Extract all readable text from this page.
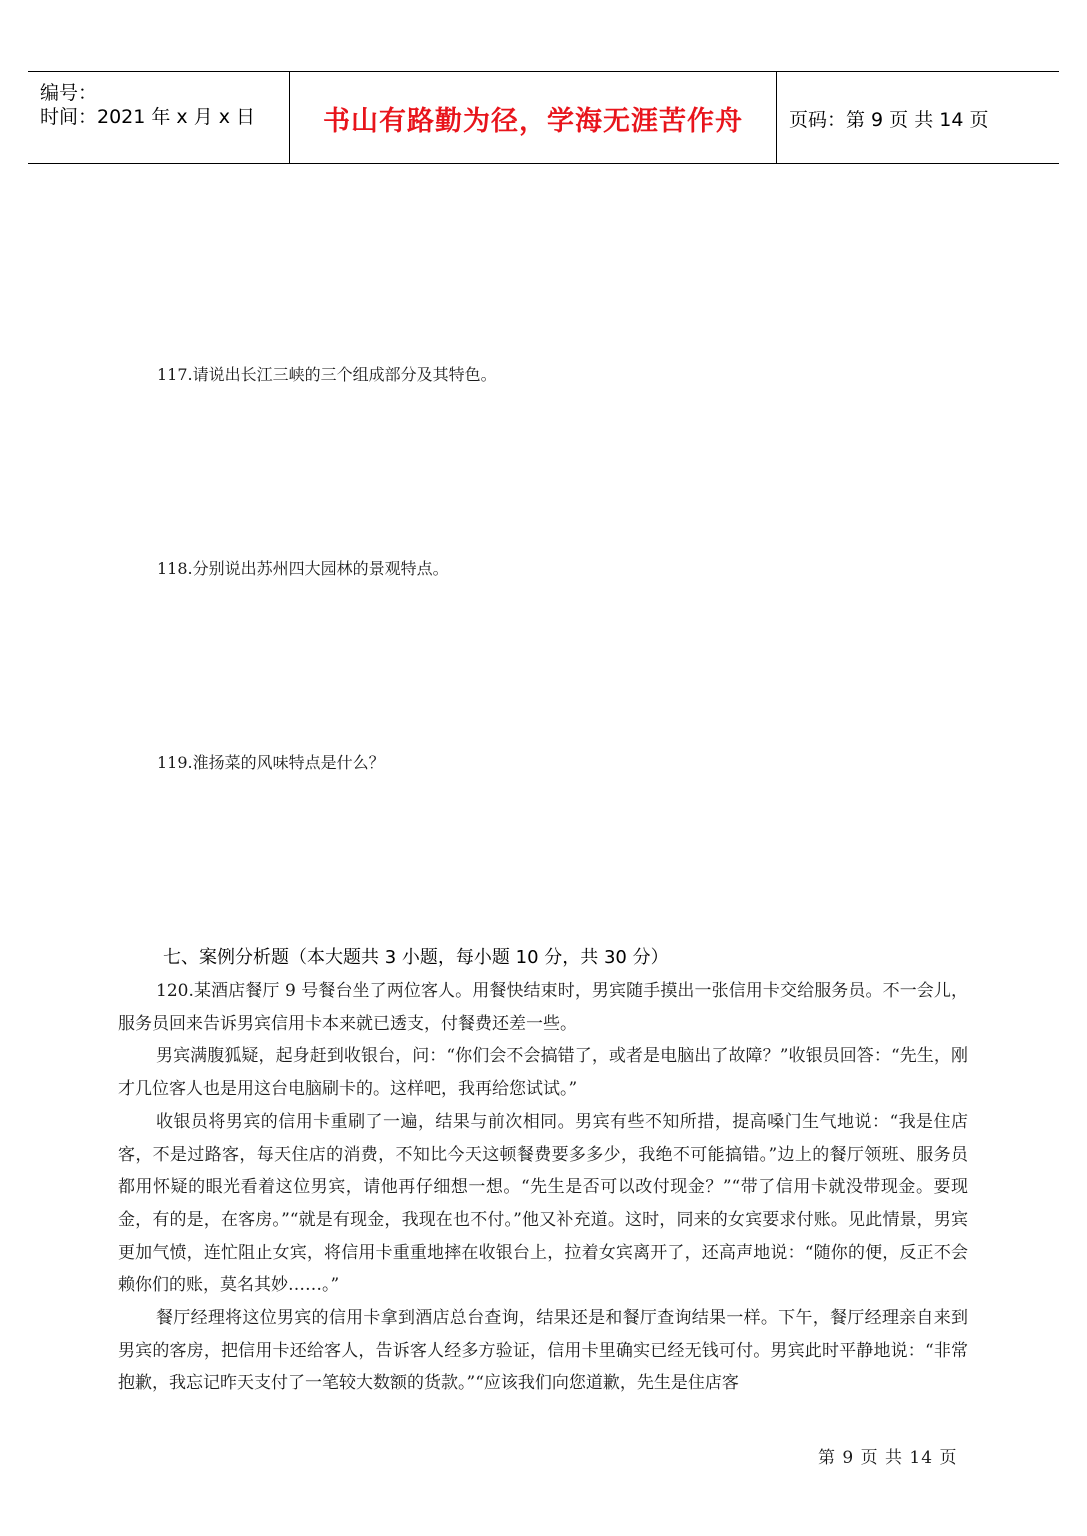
编号：
时间：2021 年 x 月 x 日	书山有路勤为径，学海无涯苦作舟 页码：第 9 页 共 14 页
117.请说出长江三峡的三个组成部分及其特色。
118.分别说出苏州四大园林的景观特点。
119.淮扬菜的风味特点是什么？
七、案例分析题（本大题共 3 小题，每小题 10 分，共 30 分）

120.某酒店餐厅 9 号餐台坐了两位客人。用餐快结束时，男宾随手摸出一张信用卡交给服务员。不一会儿，服务员回来告诉男宾信用卡本来就已透支，付餐费还差一些。

男宾满腹狐疑，起身赶到收银台，问：“你们会不会搞错了，或者是电脑出了故障？”收银员回答：“先生，刚才几位客人也是用这台电脑刷卡的。这样吧，我再给您试试。”

收银员将男宾的信用卡重刷了一遍，结果与前次相同。男宾有些不知所措，提高嗓门生气地说：“我是住店客，不是过路客，每天住店的消费，不知比今天这顿餐费要多多少，我绝不可能搞错。”边上的餐厅领班、服务员都用怀疑的眼光看着这位男宾，请他再仔细想一想。“先生是否可以改付现金？”“带了信用卡就没带现金。要现金，有的是，在客房。”“就是有现金，我现在也不付。”他又补充道。这时，同来的女宾要求付账。见此情景，男宾更加气愤，连忙阻止女宾，将信用卡重重地摔在收银台上，拉着女宾离开了，还高声地说：“随你的便，反正不会赖你们的账，莫名其妙……。”

餐厅经理将这位男宾的信用卡拿到酒店总台查询，结果还是和餐厅查询结果一样。下午，餐厅经理亲自来到男宾的客房，把信用卡还给客人，告诉客人经多方验证，信用卡里确实已经无钱可付。男宾此时平静地说：“非常抱歉，我忘记昨天支付了一笔较大数额的货款。”“应该我们向您道歉，先生是住店客

第 9 页 共 14 页
